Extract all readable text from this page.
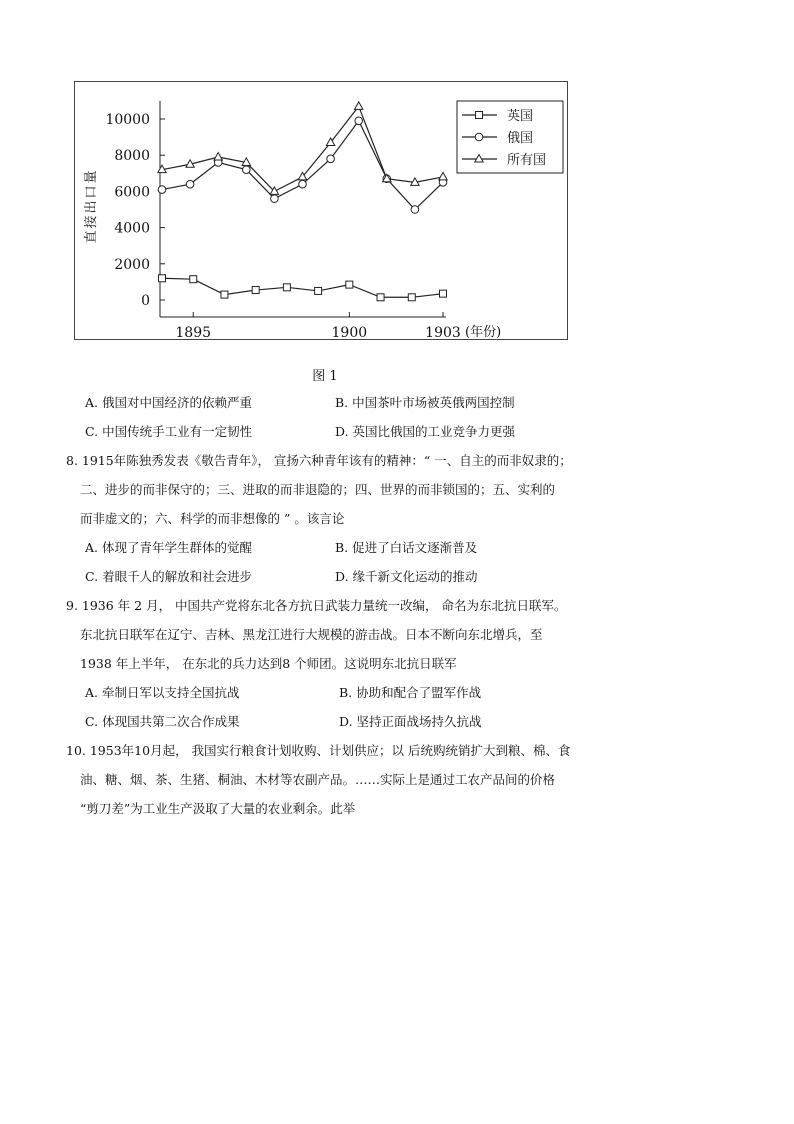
0
2000
4000
6000
8000
10000
1895	1900	1903 (年份)
直接出口量
英国
俄国
所有国
图 1
A. 俄国对中国经济的依赖严重	B. 中国茶叶市场被英俄两国控制
C. 中国传统手工业有一定韧性	D. 英国比俄国的工业竞争力更强
8. 1915年陈独秀发表《敬告青年》， 宣扬六种青年该有的精神：“ 一、自主的而非奴隶的；
二、进步的而非保守的；三、进取的而非退隐的；四、世界的而非锁国的；五、实利的
而非虚文的；六、科学的而非想像的 ” 。该言论
A. 体现了青年学生群体的觉醒	B. 促进了白话文逐渐普及
C. 着眼千人的解放和社会进步	D. 缘千新文化运动的推动
9. 1936 年 2 月， 中国共产党将东北各方抗日武装力量统一改编， 命名为东北抗日联军。
东北抗日联军在辽宁、吉林、黑龙江进行大规模的游击战。日本不断向东北增兵，至
1938 年上半年， 在东北的兵力达到8 个师团。这说明东北抗日联军
A. 牵制日军以支持全国抗战	B. 协助和配合了盟军作战
C. 体现国共第二次合作成果	D. 坚持正面战场持久抗战
10. 1953年10月起， 我国实行粮食计划收购、计划供应；以 后统购统销扩大到粮、棉、食
油、糖、烟、茶、生猪、桐油、木材等农副产品。……实际上是通过工农产品间的价格
“剪刀差”为工业生产汲取了大量的农业剩余。此举
